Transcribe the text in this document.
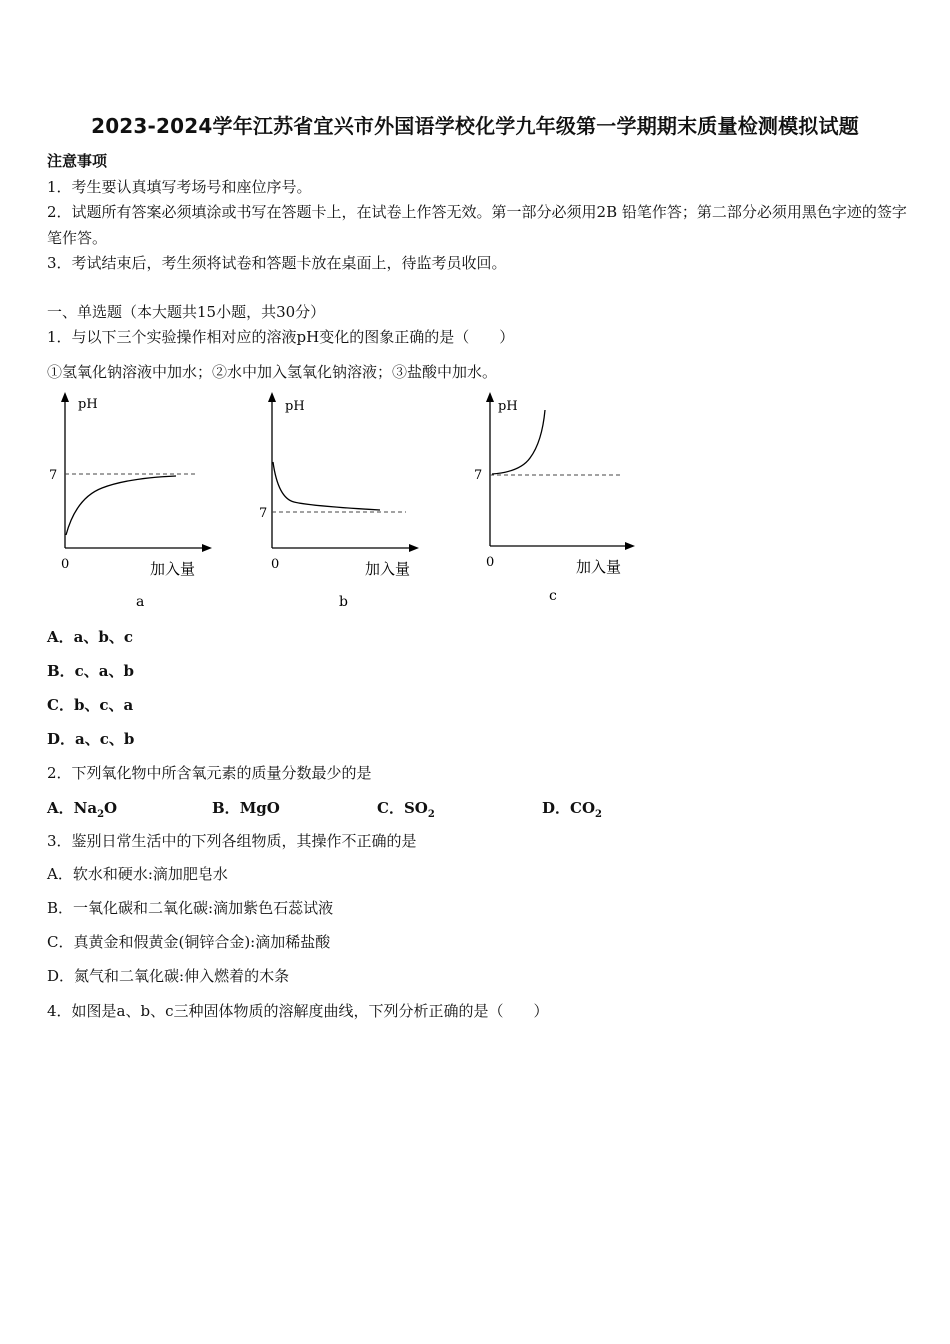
2023-2024学年江苏省宜兴市外国语学校化学九年级第一学期期末质量检测模拟试题
注意事项
1．考生要认真填写考场号和座位序号。
2．试题所有答案必须填涂或书写在答题卡上，在试卷上作答无效。第一部分必须用2B 铅笔作答；第二部分必须用黑色字迹的签字笔作答。
3．考试结束后，考生须将试卷和答题卡放在桌面上，待监考员收回。
一、单选题（本大题共15小题，共30分）
1．与以下三个实验操作相对应的溶液pH变化的图象正确的是（　　）
①氢氧化钠溶液中加水；②水中加入氢氧化钠溶液；③盐酸中加水。
pH
7
0	加入量
a
pH
7
0	加入量
b
pH
7
0	加入量
c
A．a、b、c
B．c、a、b
C．b、c、a
D．a、c、b
2．下列氧化物中所含氧元素的质量分数最少的是
A．$Na_2O$	B．MgO	C．$SO_2$	D．$CO_2$
3．鉴别日常生活中的下列各组物质，其操作不正确的是
A．软水和硬水:滴加肥皂水
B．一氧化碳和二氧化碳:滴加紫色石蕊试液
C．真黄金和假黄金(铜锌合金):滴加稀盐酸
D．氮气和二氧化碳:伸入燃着的木条
4．如图是a、b、c三种固体物质的溶解度曲线，下列分析正确的是（　　）
